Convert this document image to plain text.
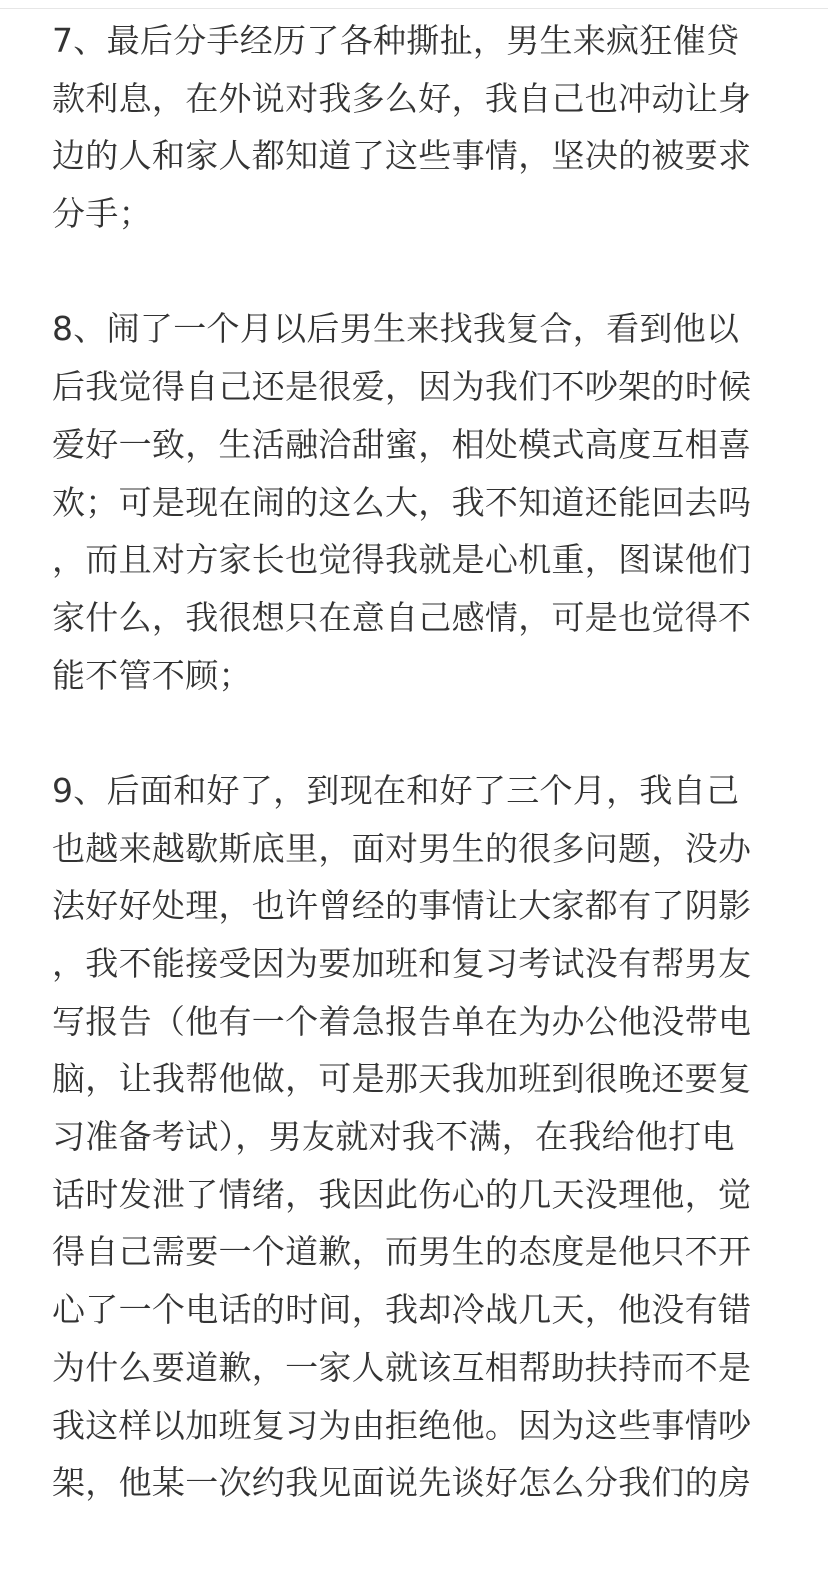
7、最后分手经历了各种撕扯，男生来疯狂催贷
款利息，在外说对我多么好，我自己也冲动让身
边的人和家人都知道了这些事情，坚决的被要求
分手；
8、闹了一个月以后男生来找我复合，看到他以
后我觉得自己还是很爱，因为我们不吵架的时候
爱好一致，生活融洽甜蜜，相处模式高度互相喜
欢；可是现在闹的这么大，我不知道还能回去吗
，而且对方家长也觉得我就是心机重，图谋他们
家什么，我很想只在意自己感情，可是也觉得不
能不管不顾；
9、后面和好了，到现在和好了三个月，我自己
也越来越歇斯底里，面对男生的很多问题，没办
法好好处理，也许曾经的事情让大家都有了阴影
，我不能接受因为要加班和复习考试没有帮男友
写报告（他有一个着急报告单在为办公他没带电
脑，让我帮他做，可是那天我加班到很晚还要复
习准备考试），男友就对我不满，在我给他打电
话时发泄了情绪，我因此伤心的几天没理他，觉
得自己需要一个道歉，而男生的态度是他只不开
心了一个电话的时间，我却冷战几天，他没有错
为什么要道歉，一家人就该互相帮助扶持而不是
我这样以加班复习为由拒绝他。因为这些事情吵
架，他某一次约我见面说先谈好怎么分我们的房
